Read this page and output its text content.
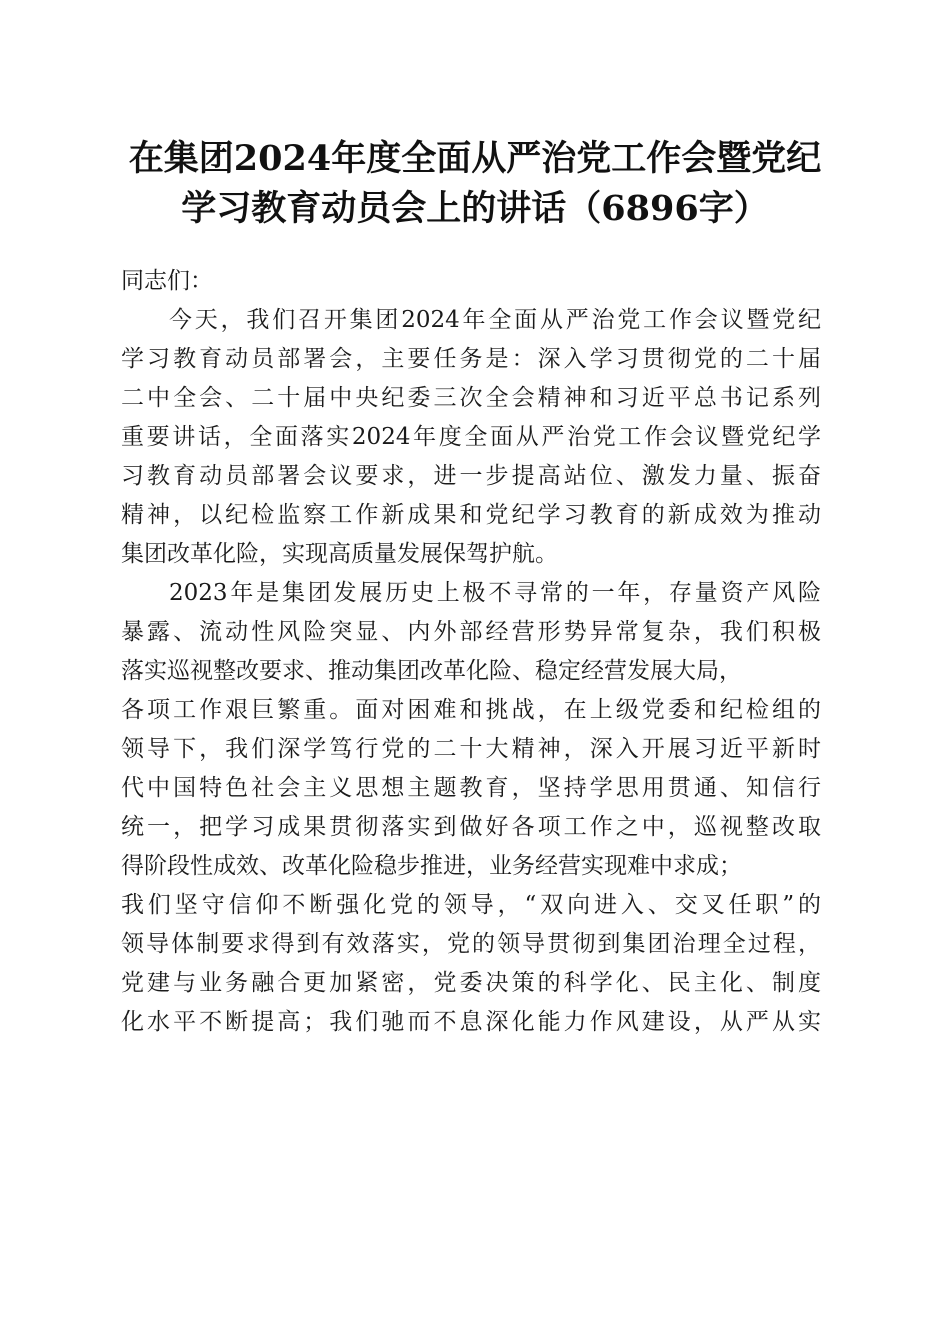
在集团2024年度全面从严治党工作会暨党纪
学习教育动员会上的讲话（6896字）
同志们：
今天，我们召开集团2024年全面从严治党工作会议暨党纪
学习教育动员部署会，主要任务是：深入学习贯彻党的二十届
二中全会、二十届中央纪委三次全会精神和习近平总书记系列
重要讲话，全面落实2024年度全面从严治党工作会议暨党纪学
习教育动员部署会议要求，进一步提高站位、激发力量、振奋
精神，以纪检监察工作新成果和党纪学习教育的新成效为推动
集团改革化险，实现高质量发展保驾护航。
2023年是集团发展历史上极不寻常的一年，存量资产风险
暴露、流动性风险突显、内外部经营形势异常复杂，我们积极
落实巡视整改要求、推动集团改革化险、稳定经营发展大局，
各项工作艰巨繁重。面对困难和挑战，在上级党委和纪检组的
领导下，我们深学笃行党的二十大精神，深入开展习近平新时
代中国特色社会主义思想主题教育，坚持学思用贯通、知信行
统一，把学习成果贯彻落实到做好各项工作之中，巡视整改取
得阶段性成效、改革化险稳步推进，业务经营实现难中求成；
我们坚守信仰不断强化党的领导，“双向进入、交叉任职”的
领导体制要求得到有效落实，党的领导贯彻到集团治理全过程，
党建与业务融合更加紧密，党委决策的科学化、民主化、制度
化水平不断提高；我们驰而不息深化能力作风建设，从严从实
